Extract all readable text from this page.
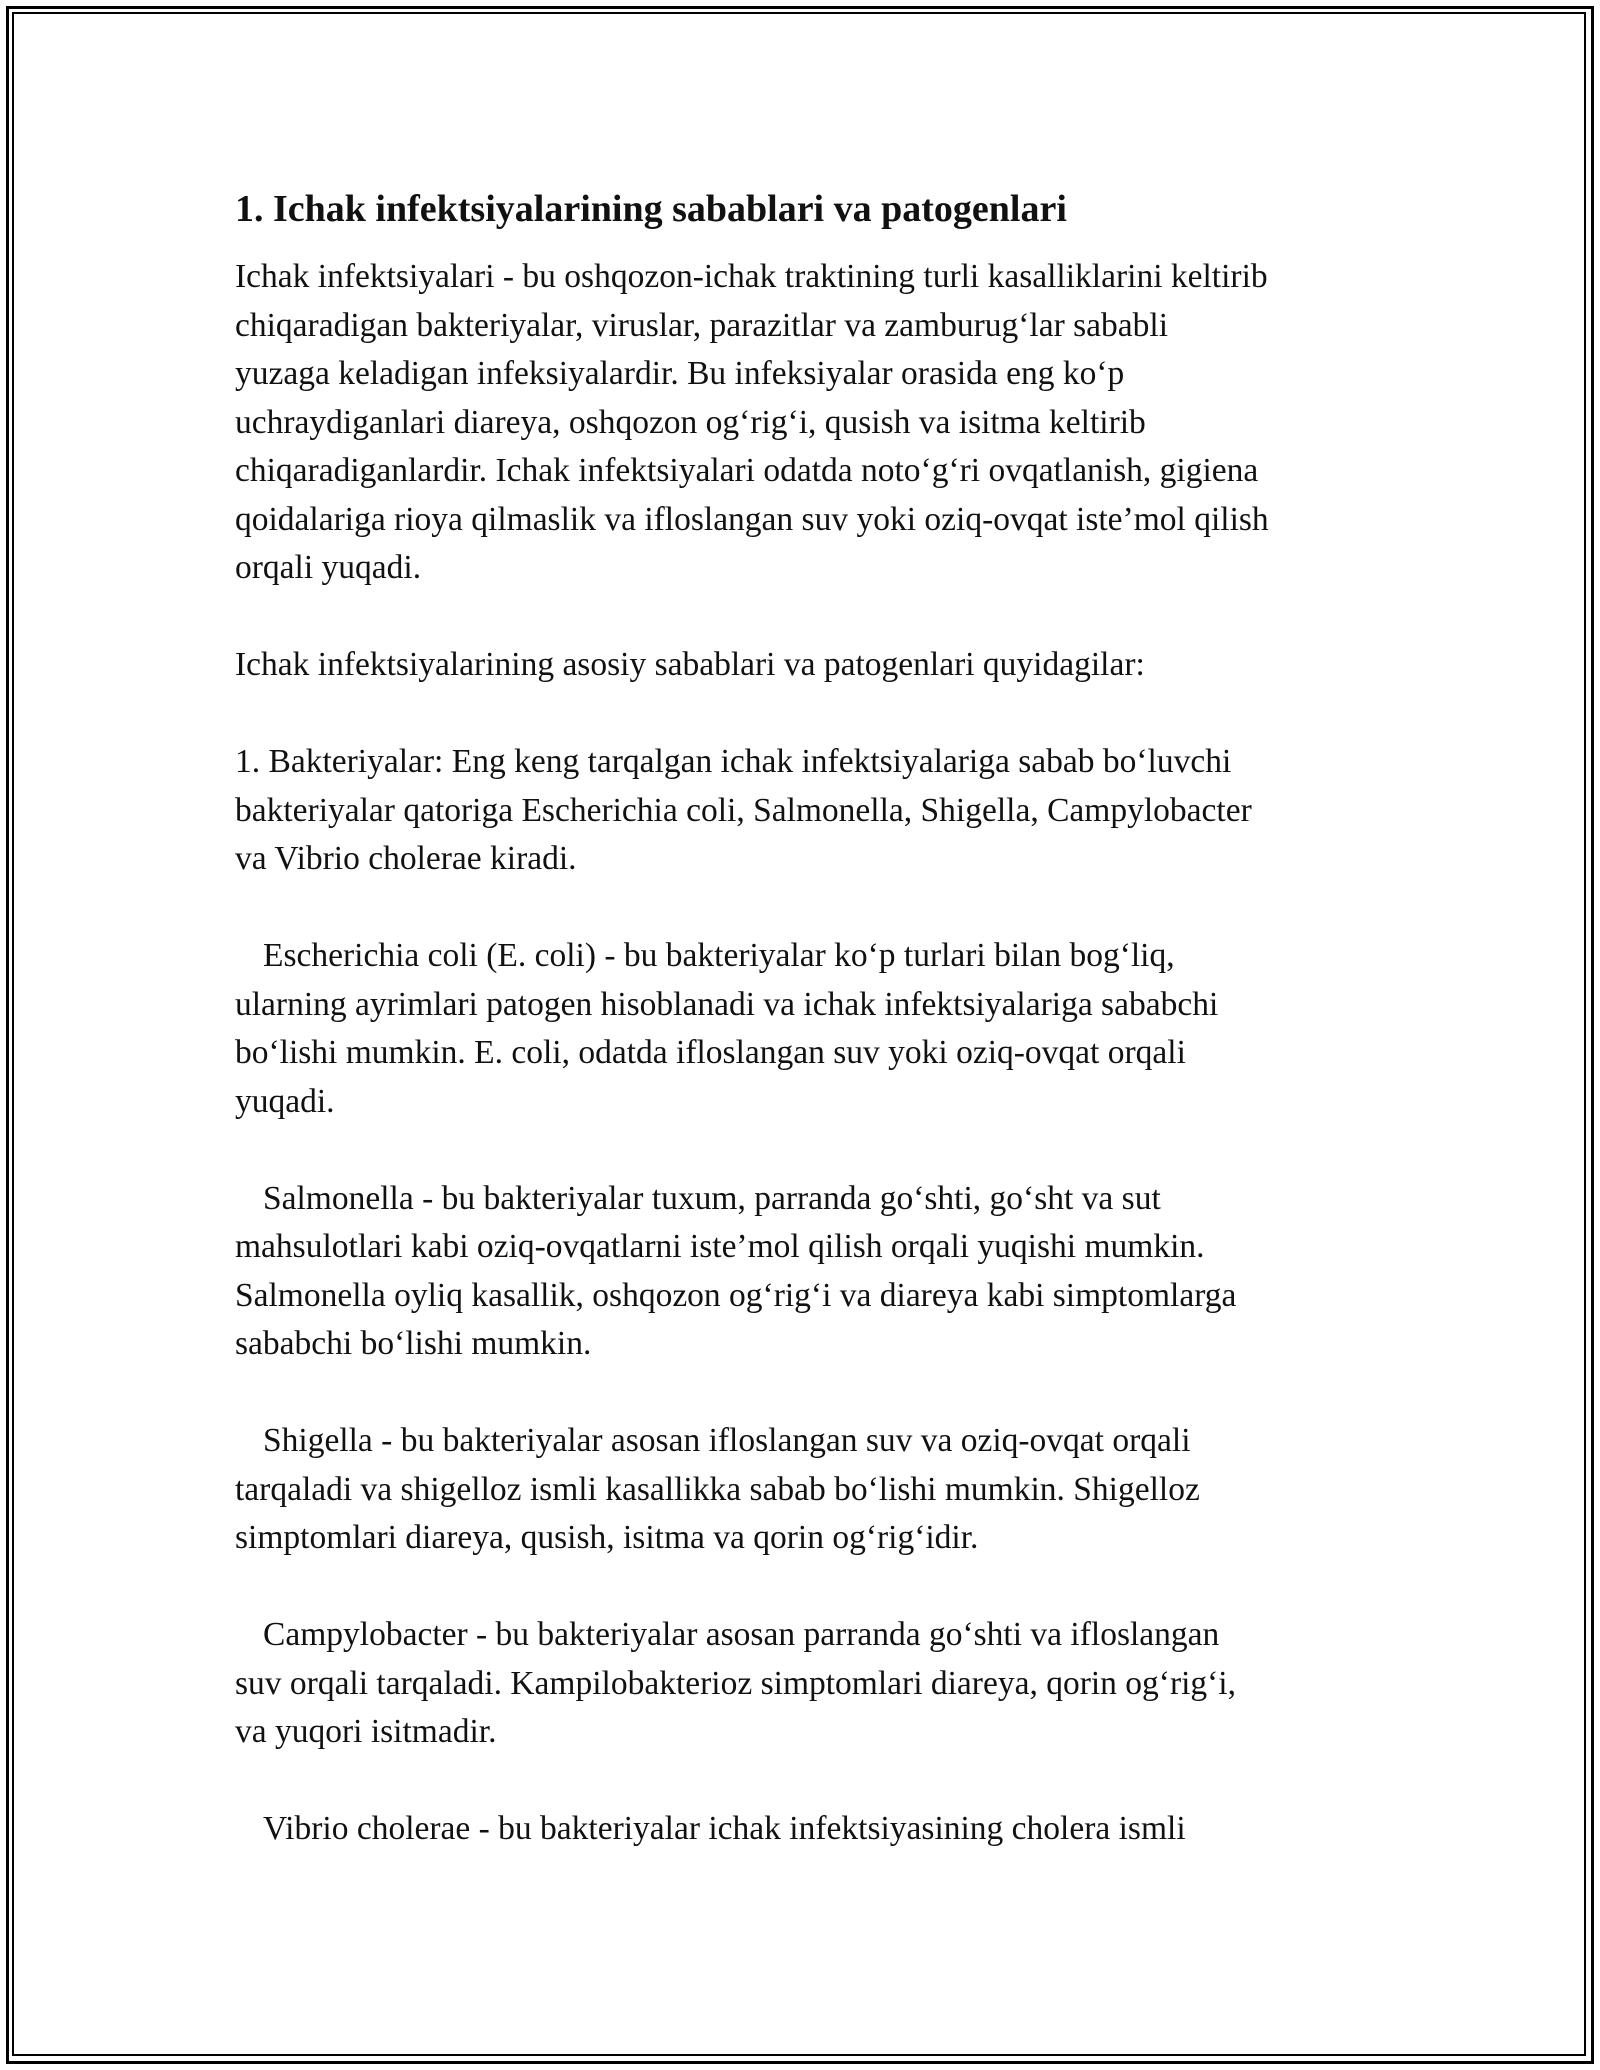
1. Ichak infektsiyalarining sabablari va patogenlari

Ichak infektsiyalari - bu oshqozon-ichak traktining turli kasalliklarini keltirib

chiqaradigan bakteriyalar, viruslar, parazitlar va zamburug‘lar sababli

yuzaga keladigan infeksiyalardir. Bu infeksiyalar orasida eng ko‘p

uchraydiganlari diareya, oshqozon og‘rig‘i, qusish va isitma keltirib

chiqaradiganlardir. Ichak infektsiyalari odatda noto‘g‘ri ovqatlanish, gigiena

qoidalariga rioya qilmaslik va ifloslangan suv yoki oziq-ovqat iste’mol qilish

orqali yuqadi.

Ichak infektsiyalarining asosiy sabablari va patogenlari quyidagilar:

1. Bakteriyalar: Eng keng tarqalgan ichak infektsiyalariga sabab bo‘luvchi

bakteriyalar qatoriga Escherichia coli, Salmonella, Shigella, Campylobacter

va Vibrio cholerae kiradi.

Escherichia coli (E. coli) - bu bakteriyalar ko‘p turlari bilan bog‘liq,

ularning ayrimlari patogen hisoblanadi va ichak infektsiyalariga sababchi

bo‘lishi mumkin. E. coli, odatda ifloslangan suv yoki oziq-ovqat orqali

yuqadi.

Salmonella - bu bakteriyalar tuxum, parranda go‘shti, go‘sht va sut

mahsulotlari kabi oziq-ovqatlarni iste’mol qilish orqali yuqishi mumkin.

Salmonella oyliq kasallik, oshqozon og‘rig‘i va diareya kabi simptomlarga

sababchi bo‘lishi mumkin.

Shigella - bu bakteriyalar asosan ifloslangan suv va oziq-ovqat orqali

tarqaladi va shigelloz ismli kasallikka sabab bo‘lishi mumkin. Shigelloz

simptomlari diareya, qusish, isitma va qorin og‘rig‘idir.

Campylobacter - bu bakteriyalar asosan parranda go‘shti va ifloslangan

suv orqali tarqaladi. Kampilobakterioz simptomlari diareya, qorin og‘rig‘i,

va yuqori isitmadir.

Vibrio cholerae - bu bakteriyalar ichak infektsiyasining cholera ismli
